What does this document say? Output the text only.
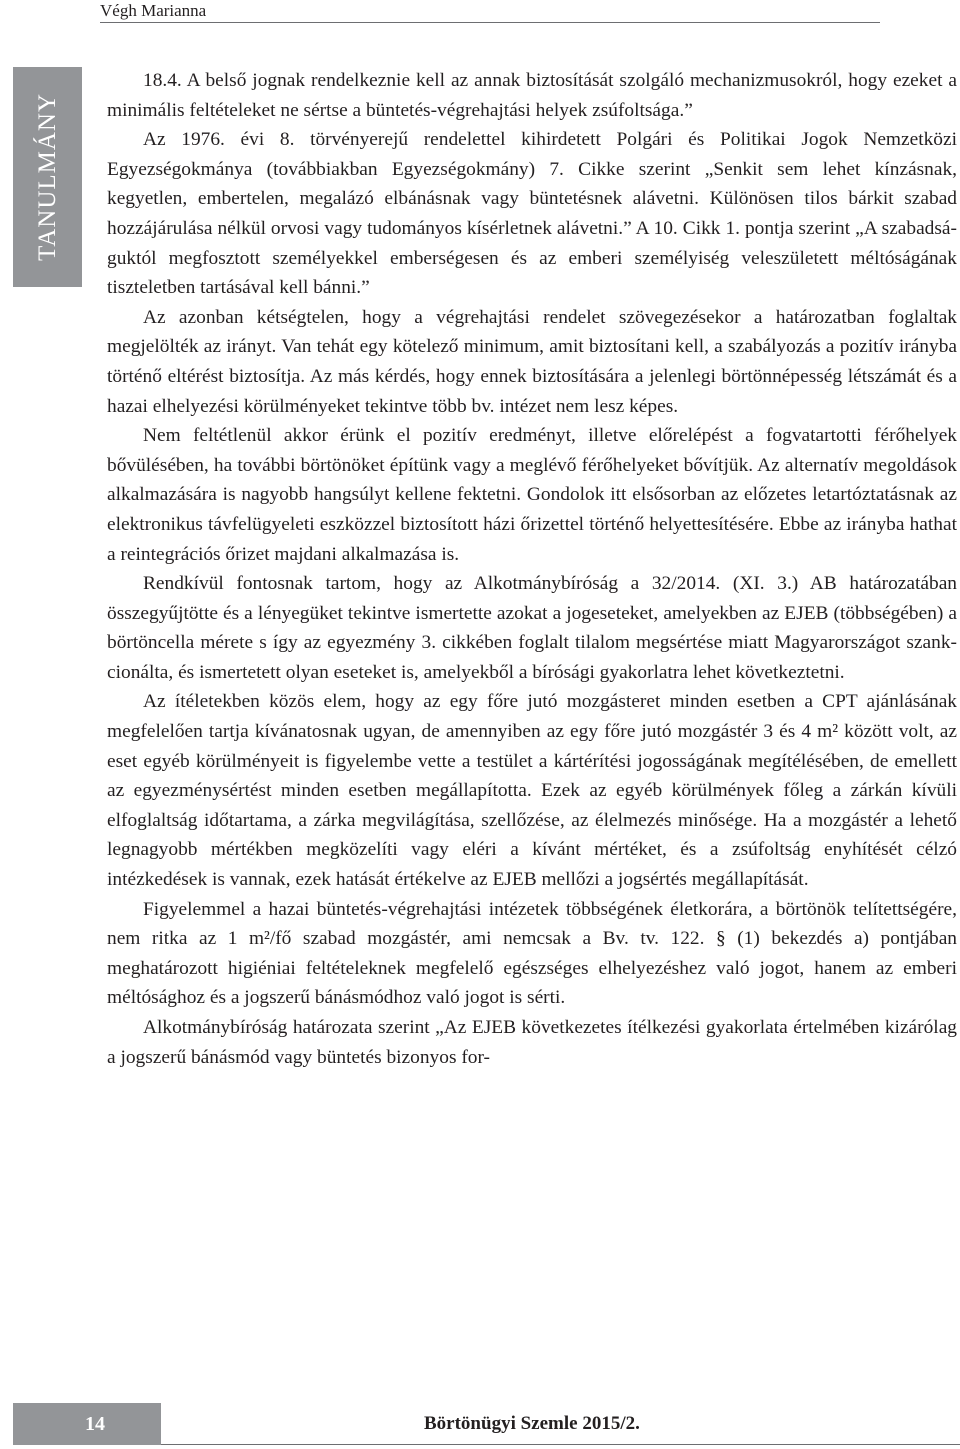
Végh Marianna
TANULMÁNY

18.4. A belső jognak rendelkeznie kell az annak biztosítását szolgáló mechanizmusokról, hogy ezeket a minimális feltételeket ne sértse a büntetés-végrehajtási helyek zsúfoltsága.”

Az 1976. évi 8. törvényerejű rendelettel kihirdetett Polgári és Politikai Jogok Nemzetközi Egyezségokmánya (továbbiakban Egyezségokmány) 7. Cikke szerint „Senkit sem lehet kínzásnak, kegyetlen, embertelen, megalázó elbánásnak vagy büntetésnek alávetni. Különösen tilos bárkit szabad hozzájárulása nélkül orvosi vagy tudományos kísérletnek alávetni.” A 10. Cikk 1. pontja szerint „A szabadságuktól megfosztott személyekkel emberségesen és az emberi személyiség veleszületett méltóságának tiszteletben tartásával kell bánni.”

Az azonban kétségtelen, hogy a végrehajtási rendelet szövegezésekor a határozatban foglaltak megjelölték az irányt. Van tehát egy kötelező minimum, amit biztosítani kell, a szabályozás a pozitív irányba történő eltérést biztosítja. Az más kérdés, hogy ennek biztosítására a jelenlegi börtönnépesség létszámát és a hazai elhelyezési körülményeket tekintve több bv. intézet nem lesz képes.

Nem feltétlenül akkor érünk el pozitív eredményt, illetve előrelépést a fogvatartotti férőhelyek bővülésében, ha további börtönöket építünk vagy a meglévő férőhelyeket bővítjük. Az alternatív megoldások alkalmazására is nagyobb hangsúlyt kellene fektetni. Gondolok itt elsősorban az előzetes letartóztatásnak az elektronikus távfelügyeleti eszközzel biztosított házi őrizettel történő helyettesítésére. Ebbe az irányba hathat a reintegrációs őrizet majdani alkalmazása is.

Rendkívül fontosnak tartom, hogy az Alkotmánybíróság a 32/2014. (XI. 3.) AB határozatában összegyűjtötte és a lényegüket tekintve ismertette azokat a jogeseteket, amelyekben az EJEB (többségében) a börtöncella mérete s így az egyezmény 3. cikkében foglalt tilalom megsértése miatt Magyarországot szankcionálta, és ismertetett olyan eseteket is, amelyekből a bírósági gyakorlatra lehet következtetni.

Az ítéletekben közös elem, hogy az egy főre jutó mozgásteret minden esetben a CPT ajánlásának megfelelően tartja kívánatosnak ugyan, de amennyiben az egy főre jutó mozgástér 3 és 4 m² között volt, az eset egyéb körülményeit is figyelembe vette a testület a kártérítési jogosságának megítélésében, de emellett az egyezménysértést minden esetben megállapította. Ezek az egyéb körülmények főleg a zárkán kívüli elfoglaltság időtartama, a zárka megvilágítása, szellőzése, az élelmezés minősége. Ha a mozgástér a lehető legnagyobb mértékben megközelíti vagy eléri a kívánt mértéket, és a zsúfoltság enyhítését célzó intézkedések is vannak, ezek hatását értékelve az EJEB mellőzi a jogsértés megállapítását.

Figyelemmel a hazai büntetés-végrehajtási intézetek többségének életkorára, a börtönök telítettségére, nem ritka az 1 m²/fő szabad mozgástér, ami nemcsak a Bv. tv. 122. § (1) bekezdés a) pontjában meghatározott higiéniai feltételeknek megfelelő egészséges elhelyezéshez való jogot, hanem az emberi méltósághoz és a jogszerű bánásmódhoz való jogot is sérti.

Alkotmánybíróság határozata szerint „Az EJEB következetes ítélkezési gyakorlata értelmében kizárólag a jogszerű bánásmód vagy büntetés bizonyos for-

14	Börtönügyi Szemle 2015/2.
